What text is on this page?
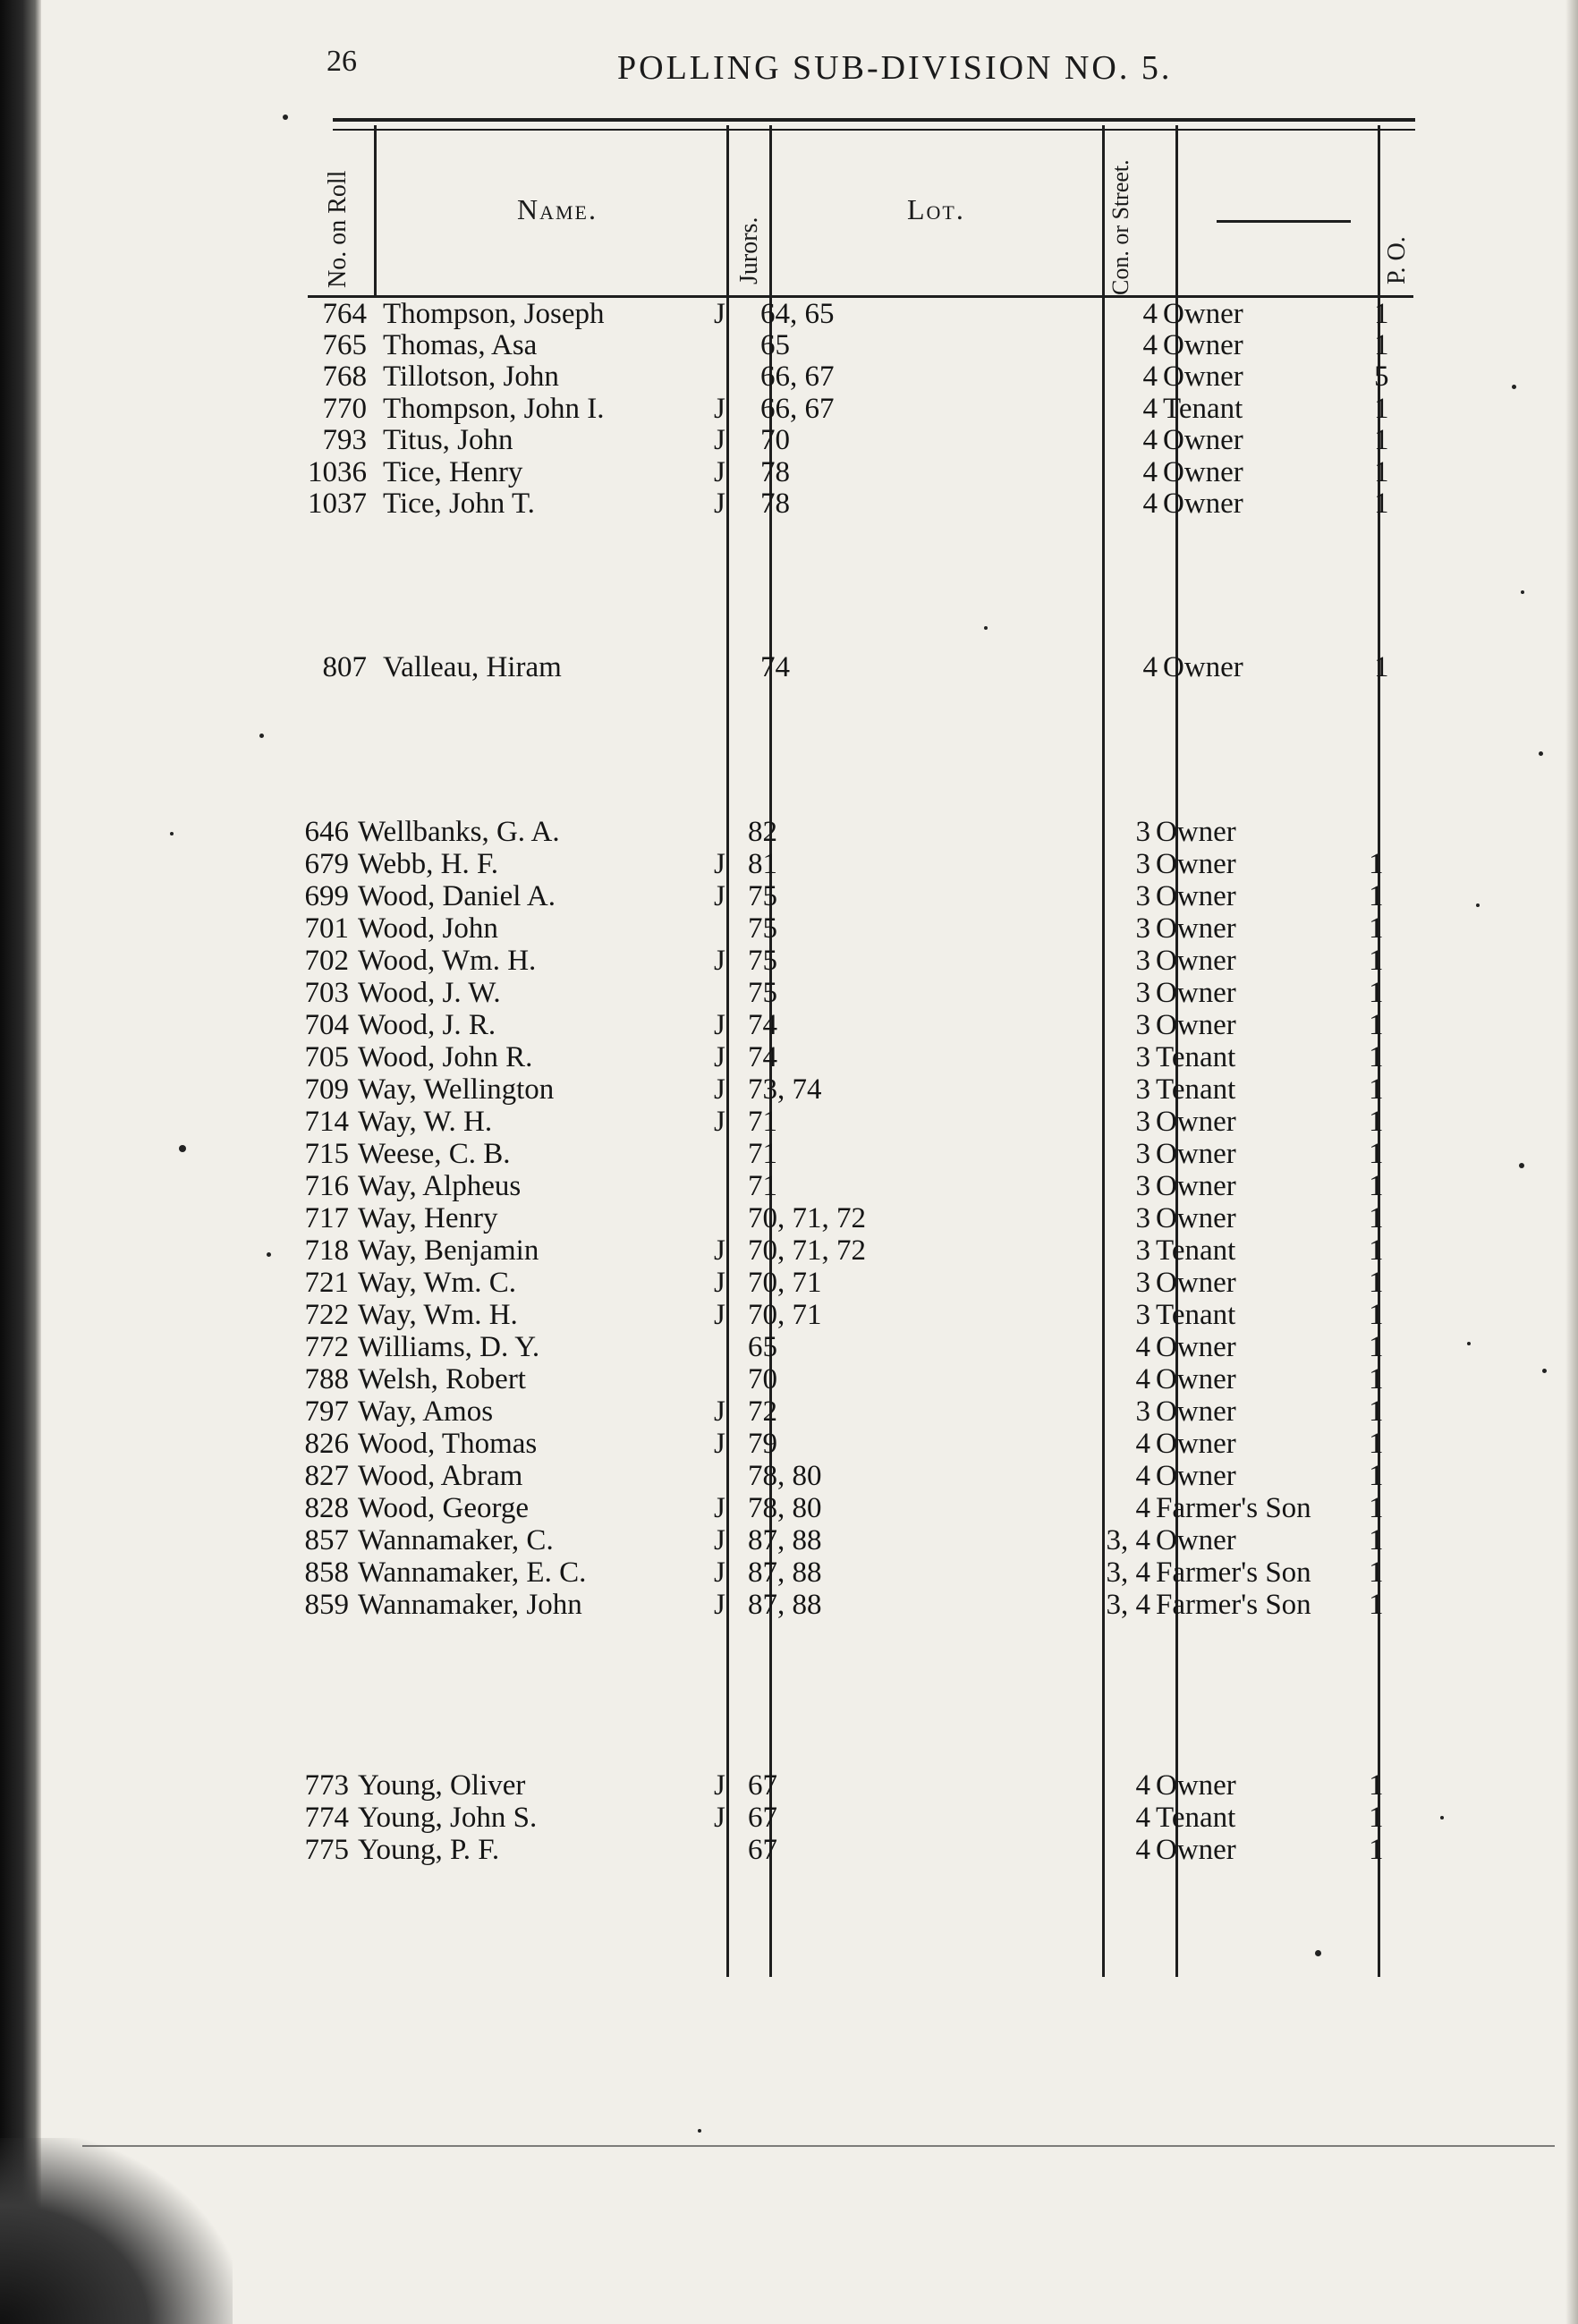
26	POLLING SUB-DIVISION NO. 5.
No. on Roll	Name.
Jurors.
Lot.	Con. or Street.	P. O.
764 Thompson, Joseph	J 64, 65	4 Owner	1
765 Thomas, Asa	65	4 Owner	1
768 Tillotson, John	66, 67	4 Owner	5
770 Thompson, John I.	J 66, 67	4 Tenant	1
793 Titus, John	J 70	4 Owner	1
1036 Tice, Henry	J 78	4 Owner	1
1037 Tice, John T.	J 78	4 Owner	1
807 Valleau, Hiram	74	4 Owner	1
646 Wellbanks, G. A.	82	3 Owner
679 Webb, H. F.	J 81	3 Owner	1
699 Wood, Daniel A.	J 75	3 Owner	1
701 Wood, John	75	3 Owner	1
702 Wood, Wm. H.	J 75	3 Owner	1
703 Wood, J. W.	75	3 Owner	1
704 Wood, J. R.	J 74	3 Owner	1
705 Wood, John R.	J 74	3 Tenant	1
709 Way, Wellington	J 73, 74	3 Tenant	1
714 Way, W. H.	J 71	3 Owner	1
715 Weese, C. B.	71	3 Owner	1
716 Way, Alpheus	71	3 Owner	1
717 Way, Henry	70, 71, 72	3 Owner	1
718 Way, Benjamin	J 70, 71, 72	3 Tenant	1
721 Way, Wm. C.	J 70, 71	3 Owner	1
722 Way, Wm. H.	J 70, 71	3 Tenant	1
772 Williams, D. Y.	65	4 Owner	1
788 Welsh, Robert	70	4 Owner	1
797 Way, Amos	J 72	3 Owner	1
826 Wood, Thomas	J 79	4 Owner	1
827 Wood, Abram	78, 80	4 Owner	1
828 Wood, George	J 78, 80	4 Farmer's Son 1
857 Wannamaker, C.	J 87, 88	3, 4 Owner	1
858 Wannamaker, E. C.	J 87, 88	3, 4 Farmer's Son 1
859 Wannamaker, John	J 87, 88	3, 4 Farmer's Son 1
773 Young, Oliver	J 67	4 Owner	1
774 Young, John S.	J 67	4 Tenant	1
775 Young, P. F.	67	4 Owner	1
